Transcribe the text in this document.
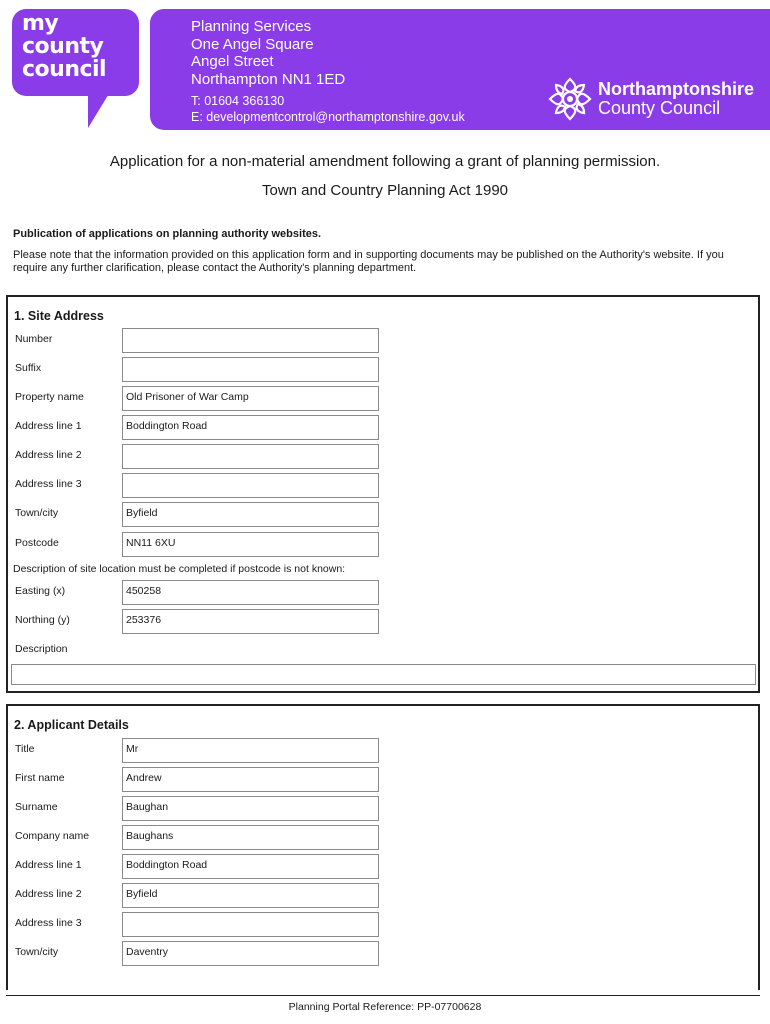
my
county
council
Planning Services
One Angel Square
Angel Street
Northampton NN1 1ED
T: 01604 366130
E: developmentcontrol@northamptonshire.gov.uk
Northamptonshire
County Council
Application for a non-material amendment following a grant of planning permission.
Town and Country Planning Act 1990
Publication of applications on planning authority websites.
Please note that the information provided on this application form and in supporting documents may be published on the Authority's website. If you require any further clarification, please contact the Authority's planning department.
1. Site Address
Number
Suffix
Property name	Old Prisoner of War Camp
Address line 1	Boddington Road
Address line 2
Address line 3
Town/city	Byfield
Postcode	NN11 6XU
Description of site location must be completed if postcode is not known:
Easting (x)	450258
Northing (y)	253376
Description
2. Applicant Details
Title	Mr
First name	Andrew
Surname	Baughan
Company name	Baughans
Address line 1	Boddington Road
Address line 2	Byfield
Address line 3
Town/city	Daventry
Planning Portal Reference: PP-07700628
